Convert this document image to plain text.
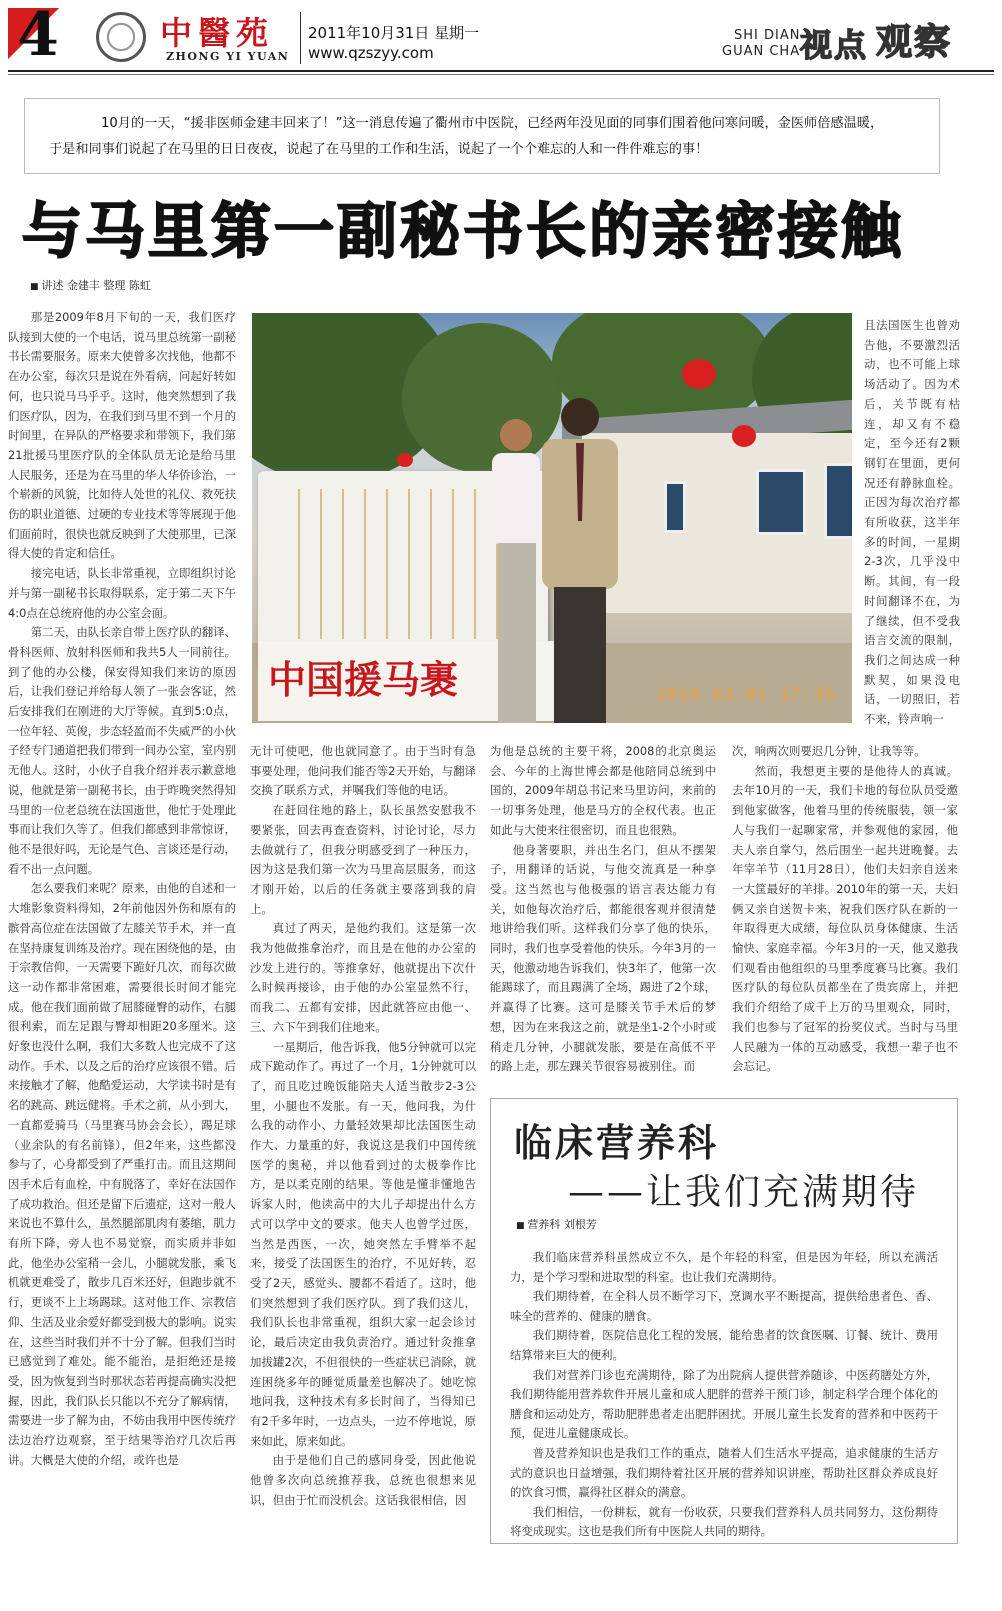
4	中醫苑
ZHONG YI YUAN
2011年10月31日 星期一
www.qzszyy.com
SHI DIAN
GUAN CHA 视点 观察

10月的一天，“援非医师金建丰回来了！”这一消息传遍了衢州市中医院，已经两年没见面的同事们围着他问寒问暖，金医师倍感温暖，

于是和同事们说起了在马里的日日夜夜，说起了在马里的工作和生活，说起了一个个难忘的人和一件件难忘的事！

与马里第一副秘书长的亲密接触
■ 讲述 金建丰 整理 陈虹

那是2009年8月下旬的一天，我们医疗队接到大使的一个电话，说马里总统第一副秘书长需要服务。原来大使曾多次找他，他都不在办公室，每次只是说在外看病，问起好转如何，也只说马马乎乎。这时，他突然想到了我们医疗队，因为，在我们到马里不到一个月的时间里，在异队的严格要求和带领下，我们第21批援马里医疗队的全体队员无论是给马里人民服务，还是为在马里的华人华侨诊治，一个崭新的风貌，比如待人处世的礼仪、救死扶伤的职业道德、过硬的专业技术等等展现于他们面前时，很快也就反映到了大使那里，已深得大使的肯定和信任。

接完电话，队长非常重视，立即组织讨论并与第一副秘书长取得联系，定于第二天下午4:0点在总统府他的办公室会面。

第二天，由队长亲自带上医疗队的翻译、骨科医师、放射科医师和我共5人一同前往。到了他的办公楼，保安得知我们来访的原因后，让我们登记并给每人领了一张会客证，然后安排我们在刚进的大厅等候。直到5:0点，一位年轻、英俊，步态轻盈而不失威严的小伙子经专门通道把我们带到一间办公室，室内别无他人。这时，小伙子自我介绍并表示歉意地说，他就是第一副秘书长，由于昨晚突然得知马里的一位老总统在法国逝世，他忙于处理此事而让我们久等了。但我们都感到非常惊讶，他不是很好吗，无论是气色、言谈还是行动，看不出一点问题。

怎么要我们来呢？原来，由他的自述和一大堆影象资料得知，2年前他因外伤和原有的髌骨高位症在法国做了左膝关节手术，并一直在坚持康复训练及治疗。现在困绕他的是，由于宗教信仰，一天需要下跪好几次，而每次做这一动作都非常困难，需要很长时间才能完成。他在我们面前做了屈膝碰臀的动作，右腿很利索，而左足跟与臀却相距20多厘米。这好象也没什么啊，我们大多数人也完成不了这动作。手术、以及之后的治疗应该很不错。后来接触才了解，他酷爱运动，大学读书时是有名的跳高、跳远健将。手术之前，从小到大，一直都爱骑马（马里赛马协会会长），踢足球（业余队的有名前锋），但2年来，这些都没参与了，心身都受到了严重打击。而且这期间因手术后有血栓，中有脱落了，幸好在法国作了成功救治。但还是留下后遗症，这对一般人来说也不算什么，虽然腿部肌肉有萎缩，肌力有所下降，旁人也不易觉察，而实质并非如此，他坐办公室稍一会儿，小腿就发胀，乘飞机就更难受了，散步几百米还好，但跑步就不行，更谈不上上场踢球。这对他工作、宗教信仰、生活及业余爱好都受到极大的影响。说实在，这些当时我们并不十分了解。但我们当时已感觉到了难处。能不能治，是拒绝还是接受，因为恢复到当时那状态若再提高确实没把握，因此，我们队长只能以不充分了解病情，需要进一步了解为由，不妨由我用中医传统疗法边治疗边观察，至于结果等治疗几次后再讲。大概是大使的介绍，或许也是

中国援马裹	2010 03 01 17:35

且法国医生也曾劝告他，不要激烈活动，也不可能上球场活动了。因为术后，关节既有枯连，却又有不稳定，至今还有2颗钢钉在里面，更何况还有静脉血栓。正因为每次治疗都有所收获，这半年多的时间，一星期2-3次，几乎没中断。其间，有一段时间翻译不在，为了继续，但不受我语言交流的限制，我们之间达成一种默契，如果没电话，一切照旧，若不来，铃声响一

无计可使吧，他也就同意了。由于当时有急事要处理，他问我们能否等2天开始，与翻译交换了联系方式，并嘱我们等他的电话。

在赶回住地的路上，队长虽然安慰我不要紧张，回去再查查资料，讨论讨论，尽力去做就行了，但我分明感受到了一种压力，因为这是我们第一次为马里高层服务，而这才刚开始，以后的任务就主要落到我的肩上。

真过了两天，是他约我们。这是第一次我为他做推拿治疗，而且是在他的办公室的沙发上进行的。等推拿好，他就提出下次什么时候再接诊，由于他的办公室显然不行，而我二、五都有安排，因此就答应由他一、三、六下午到我们住地来。

一星期后，他告诉我，他5分钟就可以完成下跪动作了。再过了一个月，1分钟就可以了，而且吃过晚饭能陪夫人适当散步2-3公里，小腿也不发胀。有一天，他问我，为什么我的动作小、力量轻效果却比法国医生动作大、力量重的好，我说这是我们中国传统医学的奥秘，并以他看到过的太极拳作比方，是以柔克刚的结果。等他是懂非懂地告诉家人时，他读高中的大儿子却提出什么方式可以学中文的要求。他夫人也曾学过医，当然是西医，一次，她突然左手臂举不起来，接受了法国医生的治疗，不见好转，忍受了2天，感觉头、腰都不看适了。这时，他们突然想到了我们医疗队。到了我们这儿，我们队长也非常重视，组织大家一起会诊讨论，最后决定由我负责治疗。通过针灸推拿加拔罐2次，不但很快的一些症状已消除，就连困绕多年的睡觉质量差也解决了。她吃惊地问我，这种技术有多长时间了，当得知已有2千多年时，一边点头，一边不停地说，原来如此，原来如此。

由于是他们自己的感同身受，因此他说他曾多次向总统推荐我，总统也很想来见识，但由于忙而没机会。这话我很相信，因

为他是总统的主要干将，2008的北京奥运会、今年的上海世博会都是他陪同总统到中国的，2009年胡总书记来马里访问，来前的一切事务处理，他是马方的全权代表。也正如此与大使来往很密切，而且也很熟。

他身著要职，并出生名门，但从不摆架子，用翻译的话说，与他交流真是一种享受。这当然也与他极强的语言表达能力有关，如他每次治疗后，都能很客观并很清楚地讲给我们听。这样我们分享了他的快乐，同时，我们也享受着他的快乐。今年3月的一天，他激动地告诉我们，快3年了，他第一次能踢球了，而且踢满了全场，踢进了2个球，并赢得了比赛。这可是膝关节手术后的梦想，因为在来我这之前，就是坐1-2个小时或稍走几分钟，小腿就发胀，要是在高低不平的路上走，那左踝关节很容易被别住。而

次，响两次则要迟几分钟，让我等等。

然而，我想更主要的是他待人的真诚。去年10月的一天，我们卡地的每位队员受邀到他家做客，他着马里的传统服装，领一家人与我们一起聊家常，并参观他的家园，他夫人亲自掌勺，然后围坐一起共进晚餐。去年宰羊节（11月28日），他们夫妇亲自送来一大筐最好的羊排。2010年的第一天，夫妇俩又亲自送贺卡来，祝我们医疗队在新的一年取得更大成绩，每位队员身体健康、生活愉快、家庭幸福。今年3月的一天，他又邀我们观看由他组织的马里季度赛马比赛。我们医疗队的每位队员都坐在了贵宾席上，并把我们介绍给了成千上万的马里观众，同时，我们也参与了冠军的扮奖仪式。当时与马里人民融为一体的互动感受，我想一辈子也不会忘记。

临床营养科
——让我们充满期待
■ 营养科 刘根芳

我们临床营养科虽然成立不久，是个年轻的科室，但是因为年轻，所以充满活力，是个学习型和进取型的科室。也让我们充满期待。

我们期待着，在全科人员不断学习下，烹调水平不断提高，提供给患者色、香、味全的营养的、健康的膳食。

我们期待着，医院信息化工程的发展，能给患者的饮食医嘱、订餐、统计、费用结算带来巨大的便利。

我们对营养门诊也充满期待，除了为出院病人提供营养随诊，中医药膳处方外，我们期待能用营养软件开展儿童和成人肥胖的营养干预门诊，制定科学合理个体化的膳食和运动处方，帮助肥胖患者走出肥胖困扰。开展儿童生长发育的营养和中医药干预，促进儿童健康成长。

普及营养知识也是我们工作的重点，随着人们生活水平提高，追求健康的生活方式的意识也日益增强，我们期待着社区开展的营养知识讲座，帮助社区群众养成良好的饮食习惯，赢得社区群众的满意。

我们相信，一份耕耘，就有一份收获，只要我们营养科人员共同努力，这份期待将变成现实。这也是我们所有中医院人共同的期待。
